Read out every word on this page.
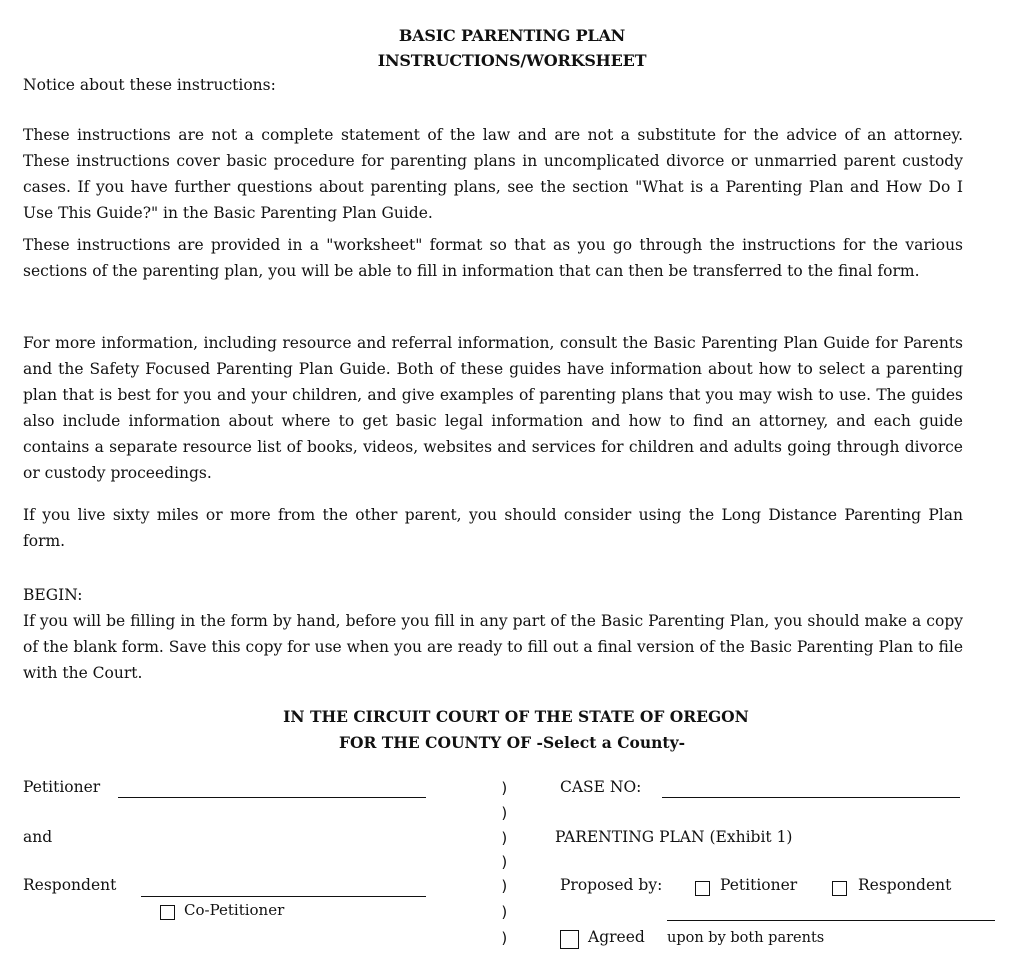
BASIC PARENTING PLAN
INSTRUCTIONS/WORKSHEET
Notice about these instructions:
These instructions are not a complete statement of the law and are not a substitute for the advice of an attorney. These instructions cover basic procedure for parenting plans in uncomplicated divorce or unmarried parent custody cases. If you have further questions about parenting plans, see the section "What is a Parenting Plan and How Do I Use This Guide?" in the Basic Parenting Plan Guide.
These instructions are provided in a "worksheet" format so that as you go through the instructions for the various sections of the parenting plan, you will be able to fill in information that can then be transferred to the final form.
For more information, including resource and referral information, consult the Basic Parenting Plan Guide for Parents and the Safety Focused Parenting Plan Guide. Both of these guides have information about how to select a parenting plan that is best for you and your children, and give examples of parenting plans that you may wish to use. The guides also include information about where to get basic legal information and how to find an attorney, and each guide contains a separate resource list of books, videos, websites and services for children and adults going through divorce or custody proceedings.
If you live sixty miles or more from the other parent, you should consider using the Long Distance Parenting Plan form.
BEGIN:
If you will be filling in the form by hand, before you fill in any part of the Basic Parenting Plan, you should make a copy of the blank form. Save this copy for use when you are ready to fill out a final version of the Basic Parenting Plan to file with the Court.
IN THE CIRCUIT COURT OF THE STATE OF OREGON
FOR THE COUNTY OF -Select a County-
Petitioner
and
Respondent
Co-Petitioner
)
)
)
)
)
)
)
CASE NO:
PARENTING PLAN (Exhibit 1)
Proposed by:	Petitioner	Respondent
Agreed upon by both parents
